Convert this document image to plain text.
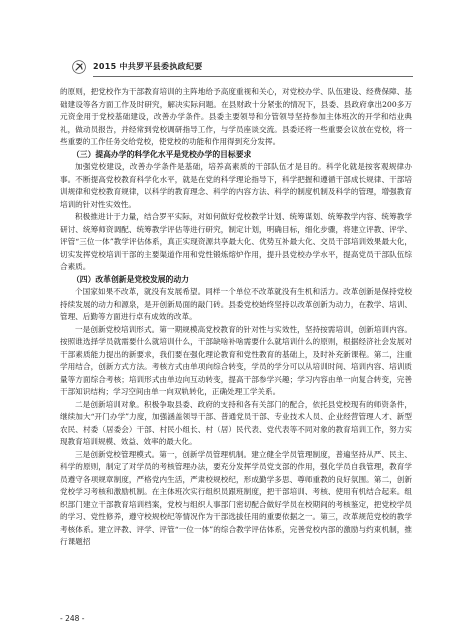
2015 中共罗平县委执政纪要

的原则，把党校作为干部教育培训的主阵地给予高度重视和关心，对党校办学、队伍建设、经费保障、基础建设等各方面工作及时研究，解决实际问题。在县财政十分紧张的情况下，县委、县政府拿出200多万元资金用于党校基础建设，改善办学条件。县委主要领导和分管领导坚持参加主体班次的开学和结业典礼，做动员报告，并经常到党校调研指导工作，与学员座谈交流。县委还将一些重要会议放在党校，将一些重要的工作任务交给党校，使党校的功能和作用得到充分发挥。

（三）提高办学的科学化水平是党校办学的目标要求

加强党校建设，改善办学条件是基础，培养高素质的干部队伍才是目的。科学化就是按客观规律办事。不断提高党校教育科学化水平，就是在党的科学理论指导下，科学把握和遵循干部成长规律、干部培训规律和党校教育规律，以科学的教育理念、科学的内容方法、科学的制度机制及科学的管理，增强教育培训的针对性实效性。

积极推进计于力量，结合罗平实际，对如何做好党校教学计划、统筹谋划、统筹教学内容、统筹教学研讨、统筹师资调配、统筹教学评估等进行研究，制定计划，明确目标，细化步骤，将建立评教、评学、评管“三位一体”教学评估体系，真正实现资源共享最大化、优势互补最大化、交员干部培训效果最大化，切实发挥党校培训干部的主要渠道作用和党性锻炼熔炉作用，提升县党校办学水平，提高党员干部队伍综合素质。

（四）改革创新是党校发展的动力

个国家如果不改革，就没有发展希望。同样一个单位不改革就没有生机和活力。改革创新是保持党校持续发展的动力和源泉，是开创新局面的敲门砖。县委党校始终坚持以改革创新为动力，在教学、培训、管理、后勤等方面进行卓有成效的改革。

一是创新党校培训形式。第一期规模高党校教育的针对性与实效性，坚持按需培训，创新培训内容。按照谁选择学员就需要什么就培训什么，干部缺啥补啥需要什么就培训什么的原则，根据经济社会发展对干部素质能力提出的新要求，我们要在强化理论教育和党性教育的基础上，及时补充新课程。第二，注重学用结合，创新方式方法。考核方式由单项向综合转变，学员的学分可以从培训时间、培训内容、培训质量等方面综合考核；培训形式由单边向互动转变，提高干部参学兴趣；学习内容由单一向复合转变，完善干部知识结构；学习空间由单一向双轨转化，正确处理工学关系。

二是创新培训对象。积极争取县委、政府的支持和各有关部门的配合，依托县党校现有的师资条件，继续加大“开门办学”力度，加强涵盖领导干部、普通党员干部、专业技术人员、企业经营管理人才、新型农民、村委（居委会）干部、村民小组长、村（居）民代表、党代表等不同对象的教育培训工作，努力实现教育培训规模、效益、效率的最大化。

三是创新党校管理模式。第一，创新学员管理机制。建立健全学员管理制度，普遍坚持从严、民主、科学的原则，制定了对学员的考核管理办法，要充分发挥学员党支部的作用，强化学员自我管理，教育学员遵守各项规章制度，严格党内生活，严肃校规校纪，形成勤学多思、尊师重教的良好氛围。第二，创新党校学习考核和激励机制。在主体班次实行组织员跟班制度，把干部培训、考核、使用有机结合起来。组织部门建立干部教育培训档案，党校与组织人事部门密切配合做好学员在校期间的考核鉴定，把党校学员的学习、党性修养，遵守校规校纪等情况作为干部选拔任用的重要依据之一。第三，改革规范党校的教学考核体系。建立评教、评学、评管“一位一体”的综合教学评估体系，完善党校内部的激励与约束机制，推行课题招

- 248 -
